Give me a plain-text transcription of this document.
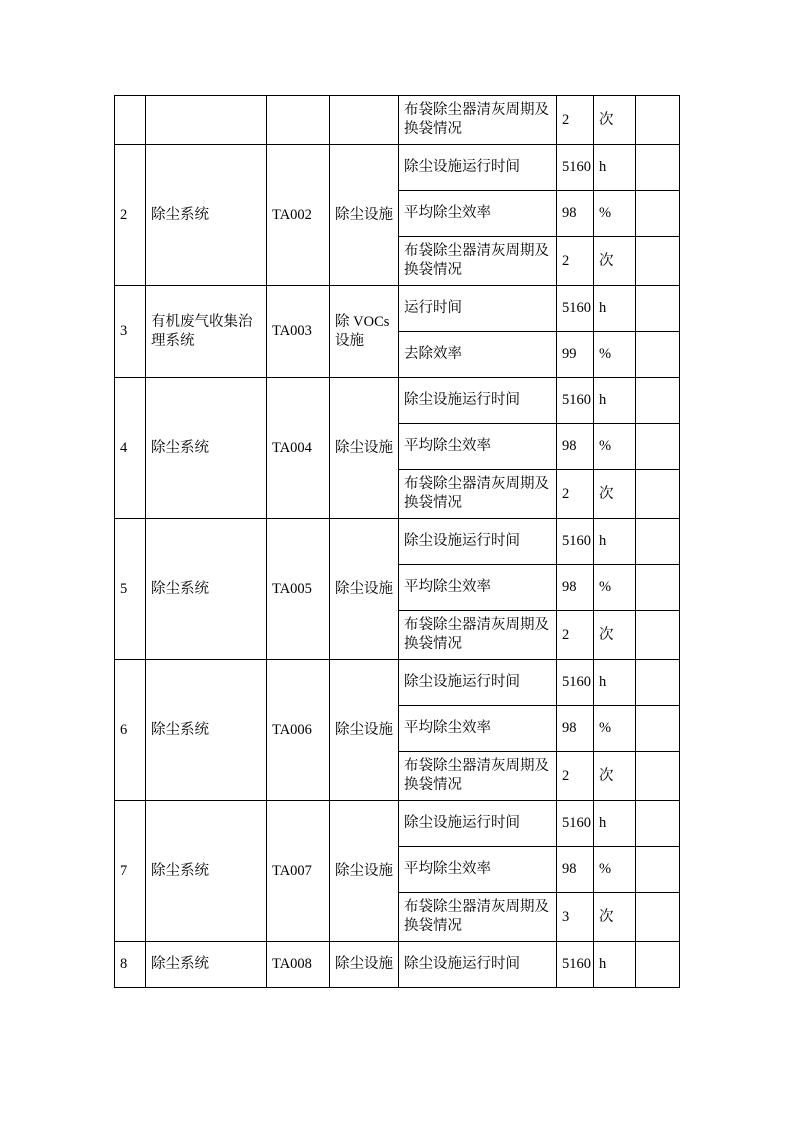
				布袋除尘器清灰周期及换袋情况	2	次	
2	除尘系统	TA002	除尘设施	除尘设施运行时间	5160	h	
				平均除尘效率	98	%	
				布袋除尘器清灰周期及换袋情况	2	次	
3	有机废气收集治理系统	TA003	除 VOCs 设施	运行时间	5160	h	
				去除效率	99	%	
4	除尘系统	TA004	除尘设施	除尘设施运行时间	5160	h	
				平均除尘效率	98	%	
				布袋除尘器清灰周期及换袋情况	2	次	
5	除尘系统	TA005	除尘设施	除尘设施运行时间	5160	h	
				平均除尘效率	98	%	
				布袋除尘器清灰周期及换袋情况	2	次	
6	除尘系统	TA006	除尘设施	除尘设施运行时间	5160	h	
				平均除尘效率	98	%	
				布袋除尘器清灰周期及换袋情况	2	次	
7	除尘系统	TA007	除尘设施	除尘设施运行时间	5160	h	
				平均除尘效率	98	%	
				布袋除尘器清灰周期及换袋情况	3	次	
8	除尘系统	TA008	除尘设施	除尘设施运行时间	5160	h	
